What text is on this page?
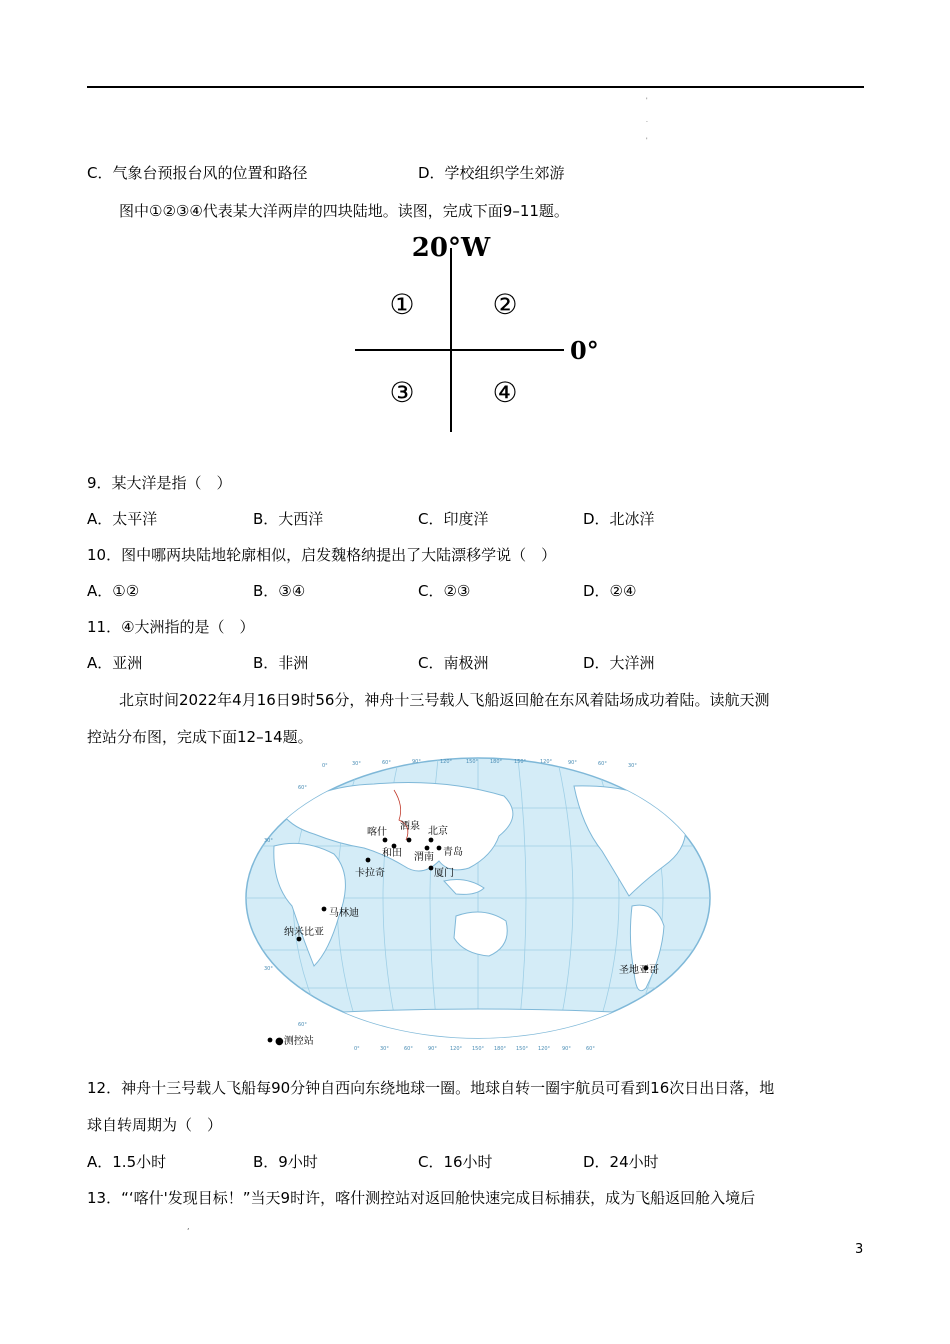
'
.
'
C．气象台预报台风的位置和路径	D．学校组织学生郊游
图中①②③④代表某大洋两岸的四块陆地。读图，完成下面9–11题。
20°W
0°
①	②
③	④
9．某大洋是指（　）
A．太平洋	B．大西洋	C．印度洋	D．北冰洋
10．图中哪两块陆地轮廓相似，启发魏格纳提出了大陆漂移学说（　）
A．①②	B．③④	C．②③	D．②④
11．④大洲指的是（　）
A．亚洲	B．非洲	C．南极洲	D．大洋洲
北京时间2022年4月16日9时56分，神舟十三号载人飞船返回舱在东风着陆场成功着陆。读航天测
控站分布图，完成下面12–14题。
0°	30°	60°	90°	120°	150° 180° 150°	120°	90°	60°	30°
0°	30°	60°	90°	120° 150° 180° 150° 120° 90°	60°
60°
30°
30°
60°
喀什
酒泉 北京
和田 渭南 青岛
卡拉奇	厦门
马林迪
纳米比亚
圣地亚哥
●测控站
12．神舟十三号载人飞船每90分钟自西向东绕地球一圈。地球自转一圈宇航员可看到16次日出日落，地
球自转周期为（　）
A．1.5小时	B．9小时	C．16小时	D．24小时
13．“‘喀什'发现目标！”当天9时许，喀什测控站对返回舱快速完成目标捕获，成为飞船返回舱入境后
,
3
